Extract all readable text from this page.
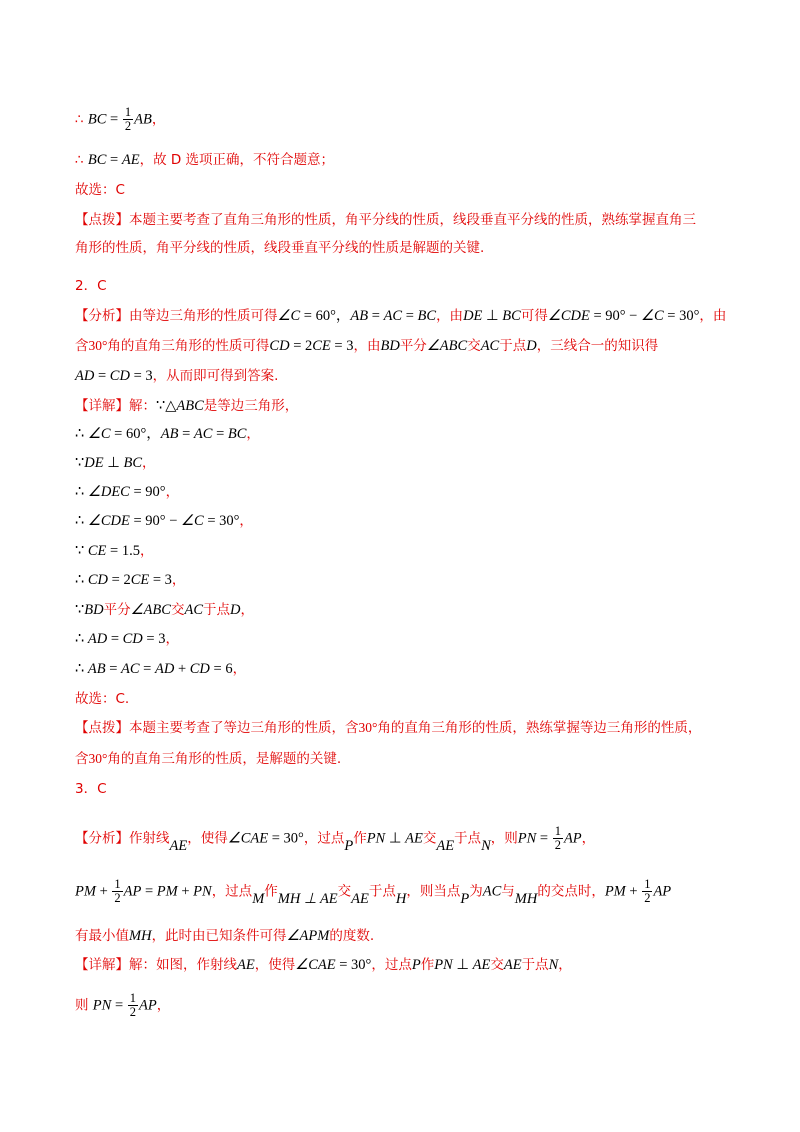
∴ BC = $\frac{1}{2}$ AB，
∴ BC = AE，故 D 选项正确，不符合题意；
故选：C
【点拨】本题主要考查了直角三角形的性质，角平分线的性质，线段垂直平分线的性质，熟练掌握直角三
角形的性质，角平分线的性质，线段垂直平分线的性质是解题的关键.
2．C
【分析】由等边三角形的性质可得∠C = 60°，AB = AC = BC，由DE ⊥ BC可得∠CDE = 90° − ∠C = 30°，由
含30°角的直角三角形的性质可得CD = 2CE = 3，由BD平分∠ABC交AC于点D，三线合一的知识得
AD = CD = 3，从而即可得到答案.
【详解】解：∵△ABC是等边三角形，
∴ ∠C = 60°，AB = AC = BC，
∵DE ⊥ BC，
∴ ∠DEC = 90°，
∴ ∠CDE = 90° − ∠C = 30°，
∵ CE = 1.5，
∴ CD = 2CE = 3，
∵BD平分∠ABC交AC于点D，
∴ AD = CD = 3，
∴ AB = AC = AD + CD = 6，
故选：C.
【点拨】本题主要考查了等边三角形的性质，含30°角的直角三角形的性质，熟练掌握等边三角形的性质，
含30°角的直角三角形的性质，是解题的关键.
3．C
【分析】作射线AE，使得∠CAE = 30°，过点P作PN ⊥ AE交AE于点N，则PN = $\frac{1}{2}$ AP，
PM + $\frac{1}{2}$ AP = PM + PN，过点M作MH ⊥ AE交AE于点H，则当点P为AC与MH的交点时，PM + $\frac{1}{2}$ AP
有最小值MH，此时由已知条件可得∠APM的度数.
【详解】解：如图，作射线AE，使得∠CAE = 30°，过点P作PN ⊥ AE交AE于点N，
则 PN = $\frac{1}{2}$ AP，
